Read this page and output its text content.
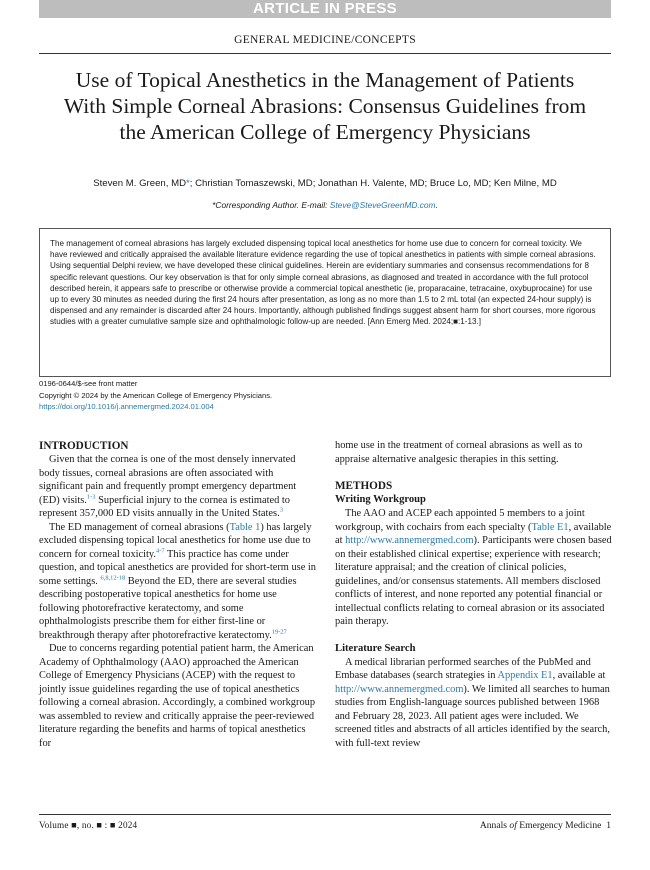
ARTICLE IN PRESS
GENERAL MEDICINE/CONCEPTS
Use of Topical Anesthetics in the Management of Patients With Simple Corneal Abrasions: Consensus Guidelines from the American College of Emergency Physicians
Steven M. Green, MD*; Christian Tomaszewski, MD; Jonathan H. Valente, MD; Bruce Lo, MD; Ken Milne, MD
*Corresponding Author. E-mail: Steve@SteveGreenMD.com.
The management of corneal abrasions has largely excluded dispensing topical local anesthetics for home use due to concern for corneal toxicity. We have reviewed and critically appraised the available literature evidence regarding the use of topical anesthetics in patients with simple corneal abrasions. Using sequential Delphi review, we have developed these clinical guidelines. Herein are evidentiary summaries and consensus recommendations for 8 specific relevant questions. Our key observation is that for only simple corneal abrasions, as diagnosed and treated in accordance with the full protocol described herein, it appears safe to prescribe or otherwise provide a commercial topical anesthetic (ie, proparacaine, tetracaine, oxybuprocaine) for use up to every 30 minutes as needed during the first 24 hours after presentation, as long as no more than 1.5 to 2 mL total (an expected 24-hour supply) is dispensed and any remainder is discarded after 24 hours. Importantly, although published findings suggest absent harm for short courses, more rigorous studies with a greater cumulative sample size and ophthalmologic follow-up are needed. [Ann Emerg Med. 2024;■:1-13.]
0196-0644/$-see front matter
Copyright © 2024 by the American College of Emergency Physicians.
https://doi.org/10.1016/j.annemergmed.2024.01.004
INTRODUCTION

Given that the cornea is one of the most densely innervated body tissues, corneal abrasions are often associated with significant pain and frequently prompt emergency department (ED) visits.$^{1-3}$ Superficial injury to the cornea is estimated to represent 357,000 ED visits annually in the United States.$^3$

The ED management of corneal abrasions (Table 1) has largely excluded dispensing topical local anesthetics for home use due to concern for corneal toxicity.$^{4-7}$ This practice has come under question, and topical anesthetics are provided for short-term use in some settings. $^{6,8,12-18}$ Beyond the ED, there are several studies describing postoperative topical anesthetics for home use following photorefractive keratectomy, and some ophthalmologists prescribe them for either first-line or breakthrough therapy after photorefractive keratectomy.$^{19-27}$

Due to concerns regarding potential patient harm, the American Academy of Ophthalmology (AAO) approached the American College of Emergency Physicians (ACEP) with the request to jointly issue guidelines regarding the use of topical anesthetics following a corneal abrasion. Accordingly, a combined workgroup was assembled to review and critically appraise the peer-reviewed literature regarding the benefits and harms of topical anesthetics for

home use in the treatment of corneal abrasions as well as to appraise alternative analgesic therapies in this setting.

METHODS
Writing Workgroup

The AAO and ACEP each appointed 5 members to a joint workgroup, with cochairs from each specialty (Table E1, available at http://www.annemergmed.com). Participants were chosen based on their established clinical expertise; experience with research; literature appraisal; and the creation of clinical policies, guidelines, and/or consensus statements. All members disclosed conflicts of interest, and none reported any potential financial or intellectual conflicts relating to corneal abrasion or its associated pain therapy.

Literature Search

A medical librarian performed searches of the PubMed and Embase databases (search strategies in Appendix E1, available at http://www.annemergmed.com). We limited all searches to human studies from English-language sources published between 1968 and February 28, 2023. All patient ages were included. We screened titles and abstracts of all articles identified by the search, with full-text review

Volume ■, no. ■ : ■ 2024	Annals of Emergency Medicine 1
